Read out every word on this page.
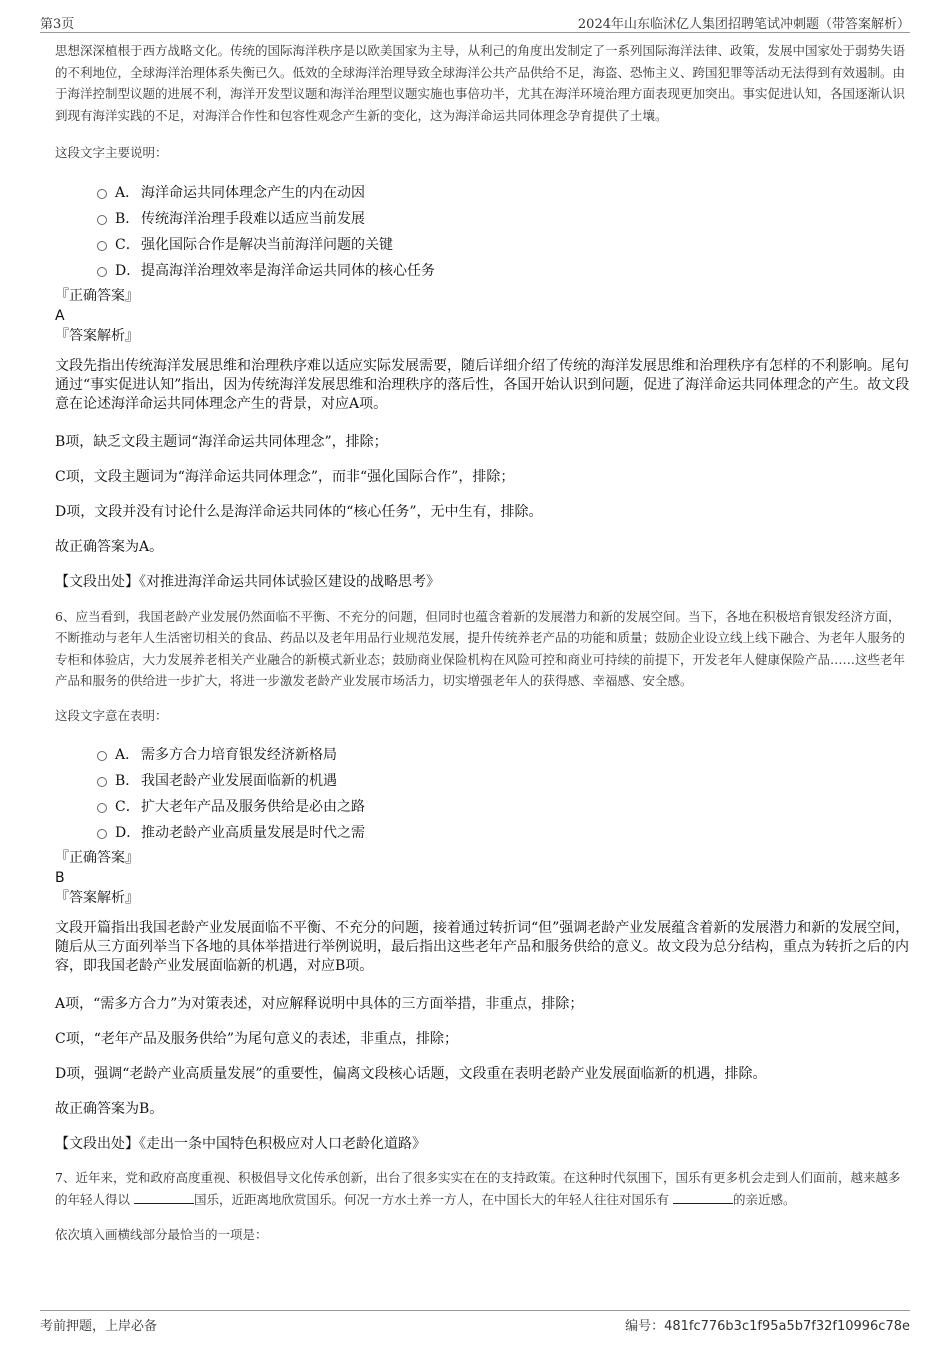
第3页	2024年山东临沭亿人集团招聘笔试冲刺题（带答案解析）

思想深深植根于西方战略文化。传统的国际海洋秩序是以欧美国家为主导，从利己的角度出发制定了一系列国际海洋法律、政策，发展中国家处于弱势失语的不利地位，全球海洋治理体系失衡已久。低效的全球海洋治理导致全球海洋公共产品供给不足，海盗、恐怖主义、跨国犯罪等活动无法得到有效遏制。由于海洋控制型议题的进展不利，海洋开发型议题和海洋治理型议题实施也事倍功半，尤其在海洋环境治理方面表现更加突出。事实促进认知，各国逐渐认识到现有海洋实践的不足，对海洋合作性和包容性观念产生新的变化，这为海洋命运共同体理念孕育提供了土壤。

这段文字主要说明：

A． 海洋命运共同体理念产生的内在动因
B． 传统海洋治理手段难以适应当前发展
C．强化国际合作是解决当前海洋问题的关键
D．提高海洋治理效率是海洋命运共同体的核心任务

『正确答案』

A

『答案解析』

文段先指出传统海洋发展思维和治理秩序难以适应实际发展需要，随后详细介绍了传统的海洋发展思维和治理秩序有怎样的不利影响。尾句通过“事实促进认知”指出，因为传统海洋发展思维和治理秩序的落后性，各国开始认识到问题，促进了海洋命运共同体理念的产生。故文段意在论述海洋命运共同体理念产生的背景，对应A项。

B项，缺乏文段主题词“海洋命运共同体理念”，排除；

C项，文段主题词为“海洋命运共同体理念”，而非“强化国际合作”，排除；

D项，文段并没有讨论什么是海洋命运共同体的“核心任务”，无中生有，排除。

故正确答案为A。

【文段出处】《对推进海洋命运共同体试验区建设的战略思考》

6、应当看到，我国老龄产业发展仍然面临不平衡、不充分的问题，但同时也蕴含着新的发展潜力和新的发展空间。当下，各地在积极培育银发经济方面，不断推动与老年人生活密切相关的食品、药品以及老年用品行业规范发展，提升传统养老产品的功能和质量；鼓励企业设立线上线下融合、为老年人服务的专柜和体验店，大力发展养老相关产业融合的新模式新业态；鼓励商业保险机构在风险可控和商业可持续的前提下，开发老年人健康保险产品……这些老年产品和服务的供给进一步扩大，将进一步激发老龄产业发展市场活力，切实增强老年人的获得感、幸福感、安全感。

这段文字意在表明：

A． 需多方合力培育银发经济新格局
B． 我国老龄产业发展面临新的机遇
C．扩大老年产品及服务供给是必由之路
D．推动老龄产业高质量发展是时代之需

『正确答案』

B

『答案解析』

文段开篇指出我国老龄产业发展面临不平衡、不充分的问题，接着通过转折词“但”强调老龄产业发展蕴含着新的发展潜力和新的发展空间，随后从三方面列举当下各地的具体举措进行举例说明，最后指出这些老年产品和服务供给的意义。故文段为总分结构，重点为转折之后的内容，即我国老龄产业发展面临新的机遇，对应B项。

A项，“需多方合力”为对策表述，对应解释说明中具体的三方面举措，非重点，排除；

C项，“老年产品及服务供给”为尾句意义的表述，非重点，排除；

D项，强调“老龄产业高质量发展”的重要性，偏离文段核心话题，文段重在表明老龄产业发展面临新的机遇，排除。

故正确答案为B。

【文段出处】《走出一条中国特色积极应对人口老龄化道路》

7、近年来，党和政府高度重视、积极倡导文化传承创新，出台了很多实实在在的支持政策。在这种时代氛围下，国乐有更多机会走到人们面前，越来越多的年轻人得以	国乐，近距离地欣赏国乐。何况一方水土养一方人，在中国长大的年轻人往往对国乐有	的亲近感。

依次填入画横线部分最恰当的一项是：

考前押题，上岸必备	编号：481fc776b3c1f95a5b7f32f10996c78e
